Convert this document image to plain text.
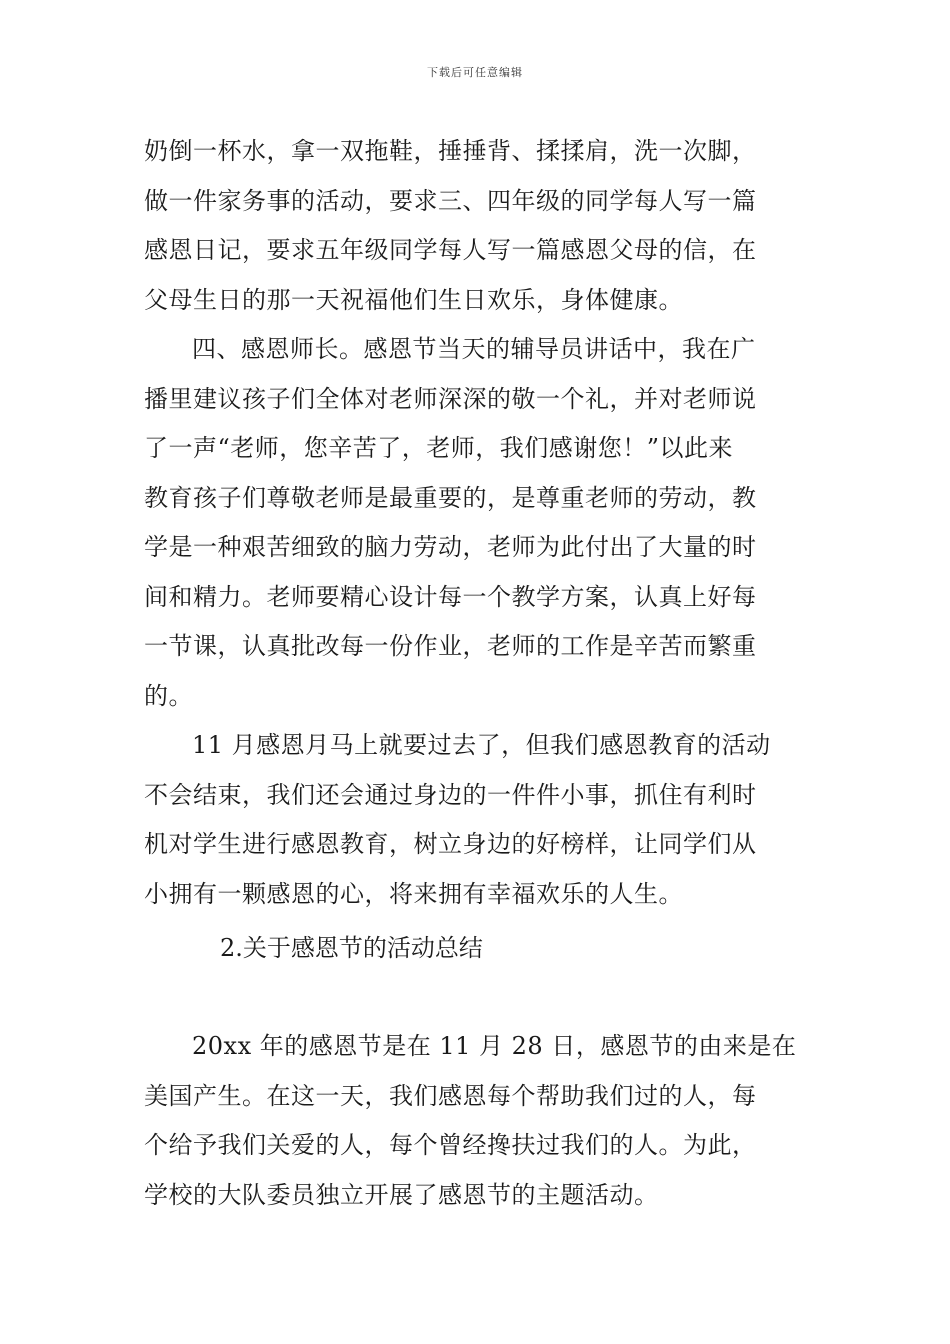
下载后可任意编辑
奶倒一杯水，拿一双拖鞋，捶捶背、揉揉肩，洗一次脚，
做一件家务事的活动，要求三、四年级的同学每人写一篇
感恩日记，要求五年级同学每人写一篇感恩父母的信，在
父母生日的那一天祝福他们生日欢乐，身体健康。
四、感恩师长。感恩节当天的辅导员讲话中，我在广
播里建议孩子们全体对老师深深的敬一个礼，并对老师说
了一声“老师，您辛苦了，老师，我们感谢您！”以此来
教育孩子们尊敬老师是最重要的，是尊重老师的劳动，教
学是一种艰苦细致的脑力劳动，老师为此付出了大量的时
间和精力。老师要精心设计每一个教学方案，认真上好每
一节课，认真批改每一份作业，老师的工作是辛苦而繁重
的。
11 月感恩月马上就要过去了，但我们感恩教育的活动
不会结束，我们还会通过身边的一件件小事，抓住有利时
机对学生进行感恩教育，树立身边的好榜样，让同学们从
小拥有一颗感恩的心，将来拥有幸福欢乐的人生。
2.关于感恩节的活动总结
20xx 年的感恩节是在 11 月 28 日，感恩节的由来是在
美国产生。在这一天，我们感恩每个帮助我们过的人，每
个给予我们关爱的人，每个曾经搀扶过我们的人。为此，
学校的大队委员独立开展了感恩节的主题活动。
